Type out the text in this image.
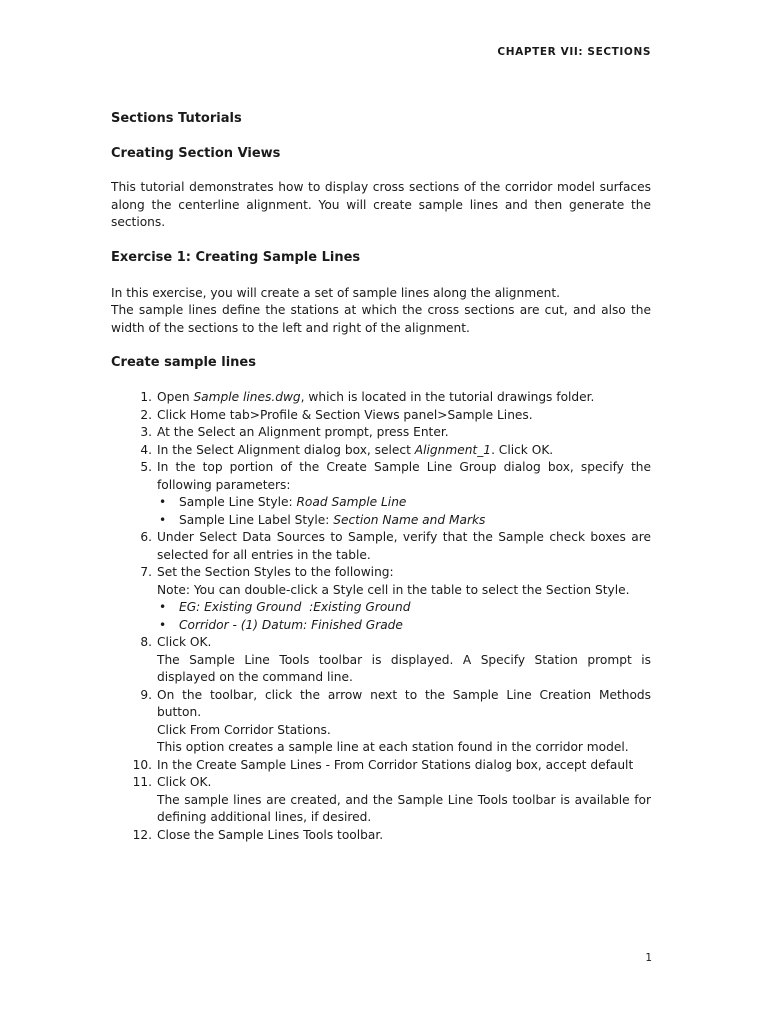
CHAPTER VII: SECTIONS
Sections Tutorials
Creating Section Views

This tutorial demonstrates how to display cross sections of the corridor model surfaces along the centerline alignment. You will create sample lines and then generate the sections.

Exercise 1: Creating Sample Lines
In this exercise, you will create a set of sample lines along the alignment.

The sample lines define the stations at which the cross sections are cut, and also the width of the sections to the left and right of the alignment.

Create sample lines
1. Open Sample lines.dwg, which is located in the tutorial drawings folder.
2. Click Home tab>Profile & Section Views panel>Sample Lines.
3. At the Select an Alignment prompt, press Enter.
4. In the Select Alignment dialog box, select Alignment_1. Click OK.
5. In the top portion of the Create Sample Line Group dialog box, specify the following parameters:
• Sample Line Style: Road Sample Line
• Sample Line Label Style: Section Name and Marks
6. Under Select Data Sources to Sample, verify that the Sample check boxes are selected for all entries in the table.
7. Set the Section Styles to the following:
Note: You can double-click a Style cell in the table to select the Section Style.
• EG: Existing Ground  :Existing Ground
• Corridor - (1) Datum: Finished Grade
8. Click OK.
The Sample Line Tools toolbar is displayed. A Specify Station prompt is displayed on the command line.
9. On the toolbar, click the arrow next to the Sample Line Creation Methods button.
Click From Corridor Stations.
This option creates a sample line at each station found in the corridor model.
10. In the Create Sample Lines - From Corridor Stations dialog box, accept default
11. Click OK.
The sample lines are created, and the Sample Line Tools toolbar is available for defining additional lines, if desired.
12. Close the Sample Lines Tools toolbar.
1
